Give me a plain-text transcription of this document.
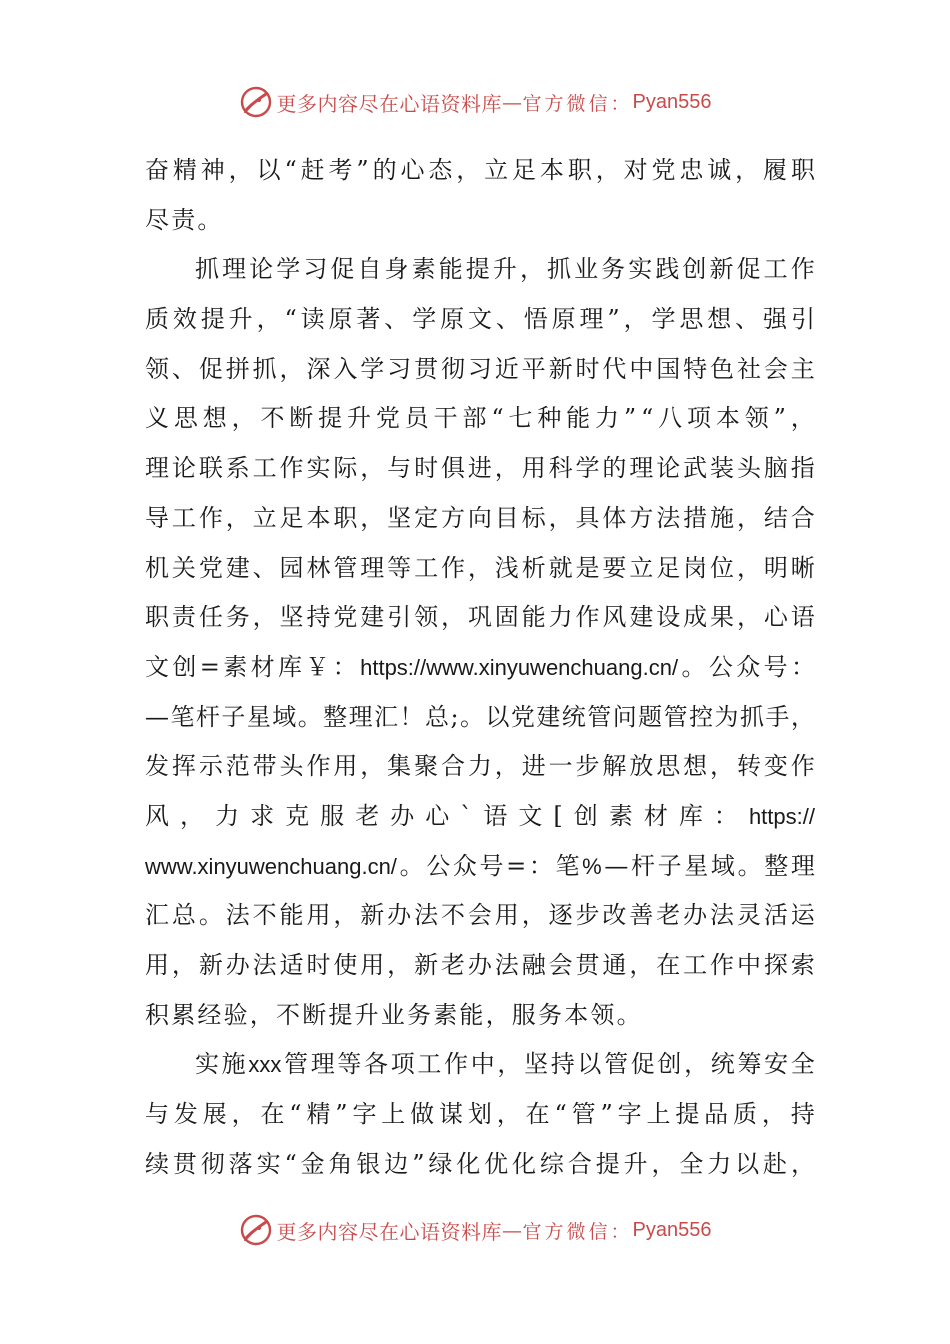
更多内容尽在心语资料库 — 官方微信： Pyan556
奋 精 神 ， 以 “ 赶 考 ” 的 心 态 ， 立 足 本 职 ， 对 党 忠 诚 ， 履 职
尽责。
抓 理 论 学 习 促 自 身 素 能 提 升 ， 抓 业 务 实 践 创 新 促 工 作
质 效 提 升 ， “ 读 原 著 、 学 原 文 、 悟 原 理 ” ， 学 思 想 、 强 引
领 、 促 拼 抓 ， 深 入 学 习 贯 彻 习 近 平 新 时 代 中 国 特 色 社 会 主
义 思 想 ， 不 断 提 升 党 员 干 部 “ 七 种 能 力 ” “ 八 项 本 领 ” ，
理 论 联 系 工 作 实 际 ， 与 时 俱 进 ， 用 科 学 的 理 论 武 装 头 脑 指
导 工 作 ， 立 足 本 职 ， 坚 定 方 向 目 标 ， 具 体 方 法 措 施 ， 结 合
机 关 党 建 、 园 林 管 理 等 工 作 ， 浅 析 就 是 要 立 足 岗 位 ， 明 晰
职 责 任 务 ， 坚 持 党 建 引 领 ， 巩 固 能 力 作 风 建 设 成 果 ， 心 语
文 创 = 素 材 库 ￥ ： https://www.xinyuwenchuang.cn/ 。 公 众 号 ：
— 笔 杆 子 星 域 。 整 理 汇 ！ 总 ; 。 以 党 建 统 管 问 题 管 控 为 抓 手 ，
发 挥 示 范 带 头 作 用 ， 集 聚 合 力 ， 进 一 步 解 放 思 想 ， 转 变 作
风 ， 力 求 克 服 老 办 心 ` 语 文 [ 创 素 材 库 ： https://
www.xinyuwenchuang.cn/ 。 公 众 号 = ： 笔 % — 杆 子 星 域 。 整 理
汇 总 。 法 不 能 用 ， 新 办 法 不 会 用 ， 逐 步 改 善 老 办 法 灵 活 运
用 ， 新 办 法 适 时 使 用 ， 新 老 办 法 融 会 贯 通 ， 在 工 作 中 探 索
积累经验，不断提升业务素能，服务本领。
实 施 xxx 管 理 等 各 项 工 作 中 ， 坚 持 以 管 促 创 ， 统 筹 安 全
与 发 展 ， 在 “ 精 ” 字 上 做 谋 划 ， 在 “ 管 ” 字 上 提 品 质 ， 持
续 贯 彻 落 实 “ 金 角 银 边 ” 绿 化 优 化 综 合 提 升 ， 全 力 以 赴 ，
更多内容尽在心语资料库 — 官方微信： Pyan556
